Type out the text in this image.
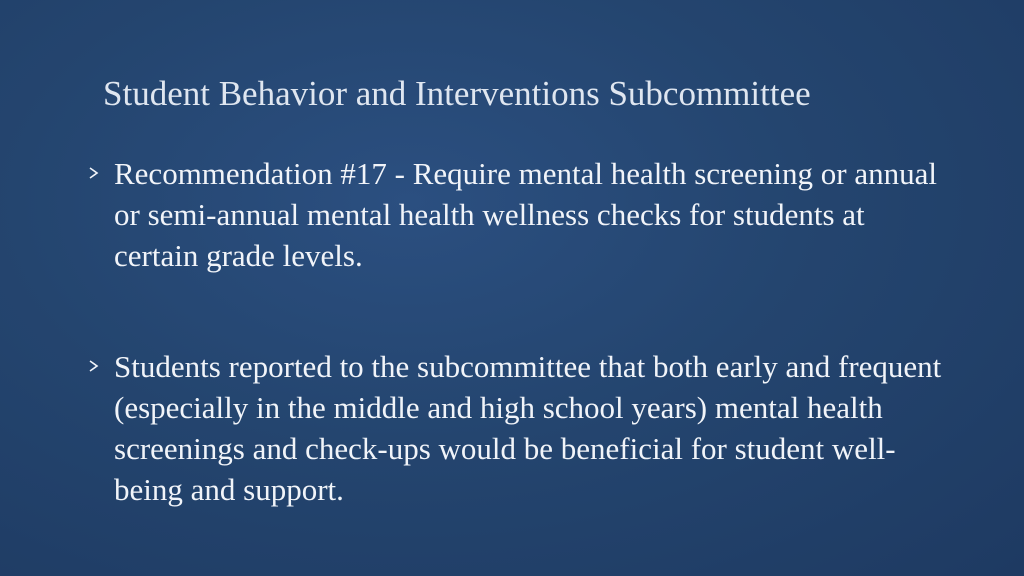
Student Behavior and Interventions Subcommittee
Recommendation #17 - Require mental health screening or annual or semi-annual mental health wellness checks for students at certain grade levels.
Students reported to the subcommittee that both early and frequent (especially in the middle and high school years) mental health screenings and check-ups would be beneficial for student well-being and support.
